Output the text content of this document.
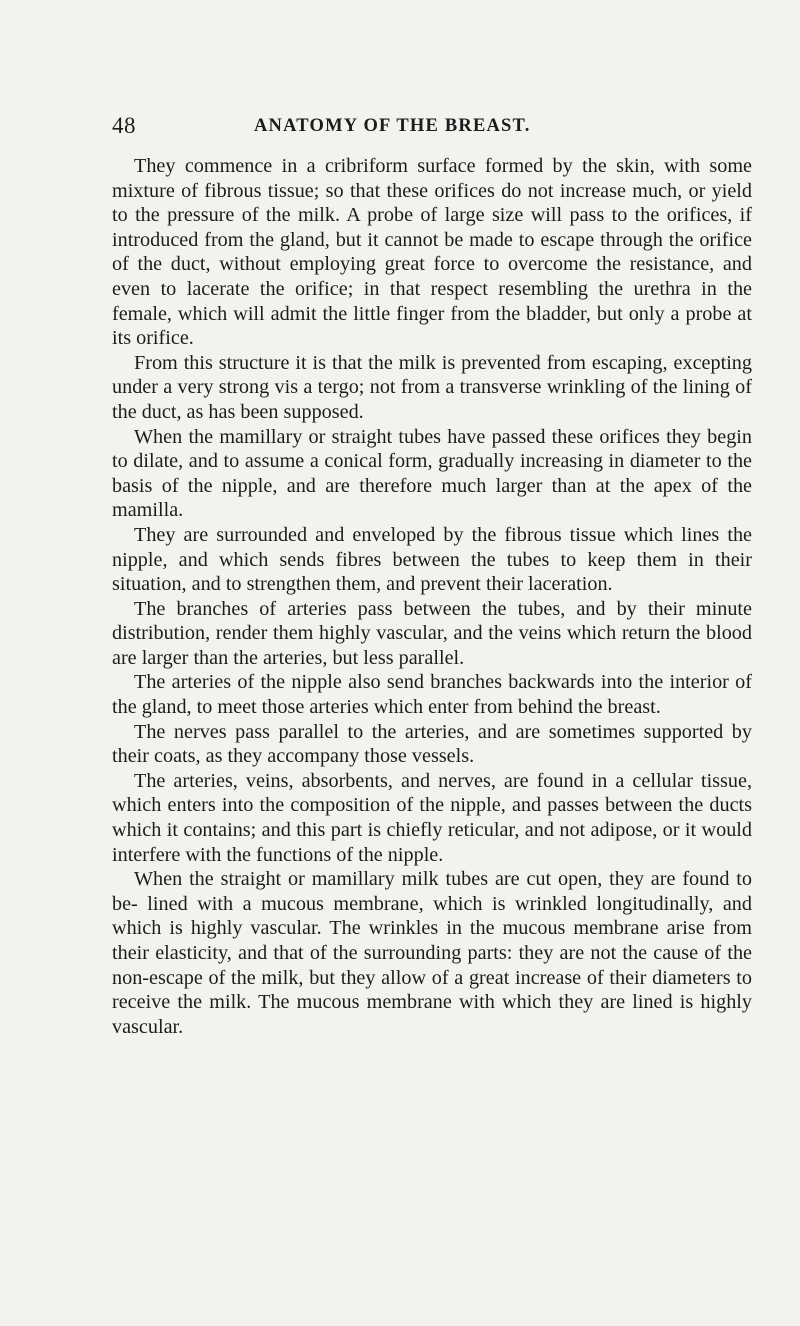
48	ANATOMY OF THE BREAST.

They commence in a cribriform surface formed by the skin, with some mixture of fibrous tissue; so that these orifices do not increase much, or yield to the pressure of the milk. A probe of large size will pass to the orifices, if introduced from the gland, but it cannot be made to escape through the orifice of the duct, without employing great force to overcome the resistance, and even to lacerate the orifice; in that respect resembling the urethra in the female, which will admit the little finger from the bladder, but only a probe at its orifice.

From this structure it is that the milk is prevented from escaping, excepting under a very strong vis a tergo; not from a transverse wrinkling of the lining of the duct, as has been supposed.

When the mamillary or straight tubes have passed these orifices they begin to dilate, and to assume a conical form, gradually increasing in diameter to the basis of the nipple, and are therefore much larger than at the apex of the mamilla.

They are surrounded and enveloped by the fibrous tissue which lines the nipple, and which sends fibres between the tubes to keep them in their situation, and to strengthen them, and prevent their laceration.

The branches of arteries pass between the tubes, and by their minute distribution, render them highly vascular, and the veins which return the blood are larger than the arteries, but less parallel.

The arteries of the nipple also send branches backwards into the interior of the gland, to meet those arteries which enter from behind the breast.

The nerves pass parallel to the arteries, and are sometimes supported by their coats, as they accompany those vessels.

The arteries, veins, absorbents, and nerves, are found in a cellular tissue, which enters into the composition of the nipple, and passes between the ducts which it contains; and this part is chiefly reticular, and not adipose, or it would interfere with the functions of the nipple.

When the straight or mamillary milk tubes are cut open, they are found to be- lined with a mucous membrane, which is wrinkled longitudinally, and which is highly vascular. The wrinkles in the mucous membrane arise from their elasticity, and that of the surrounding parts: they are not the cause of the non-escape of the milk, but they allow of a great increase of their diameters to receive the milk. The mucous membrane with which they are lined is highly vascular.
